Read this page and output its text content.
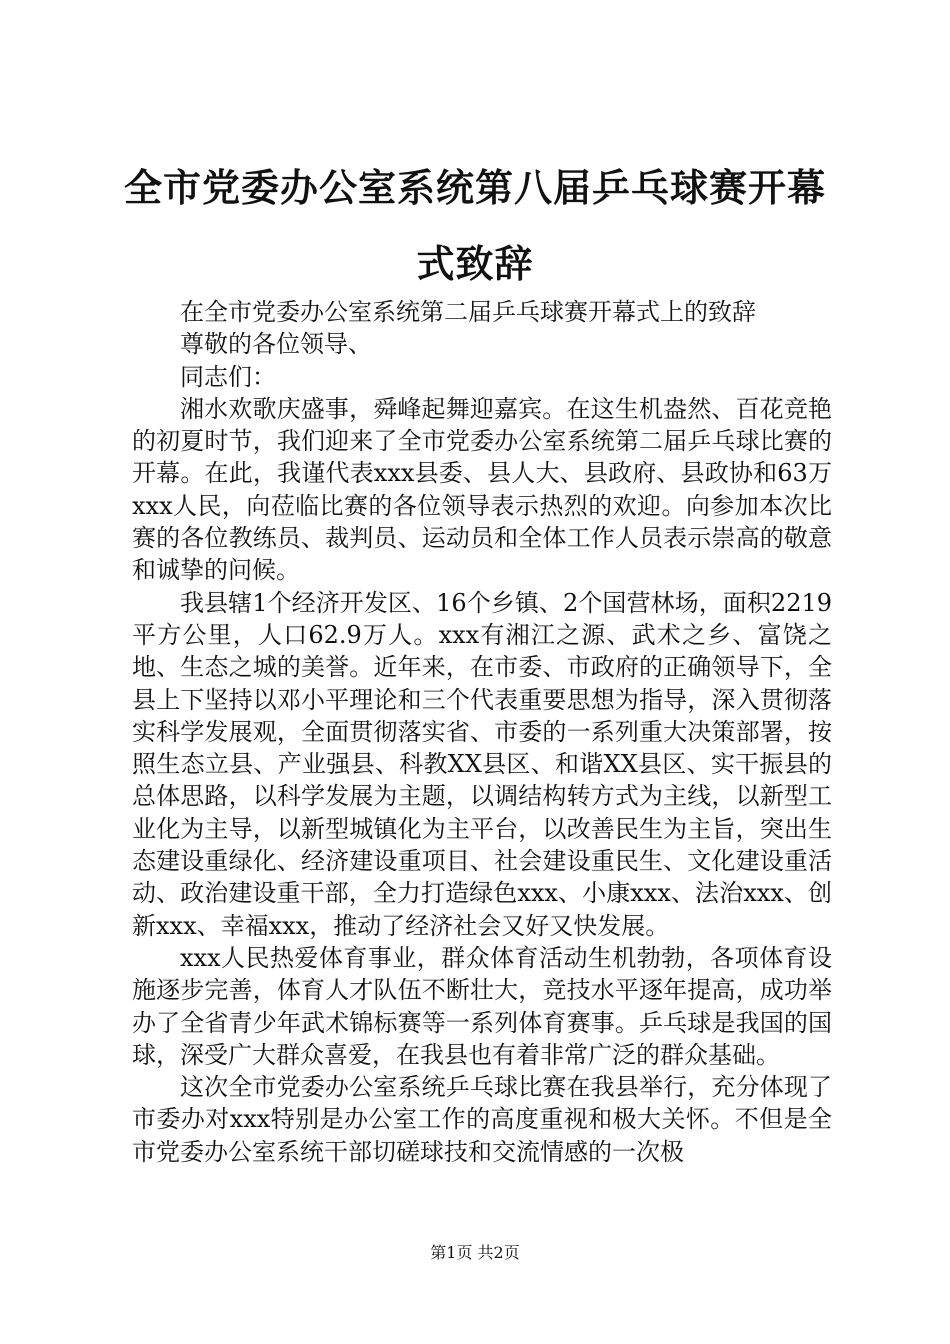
全市党委办公室系统第八届乒乓球赛开幕式致辞

在全市党委办公室系统第二届乒乓球赛开幕式上的致辞

尊敬的各位领导、

同志们：

湘水欢歌庆盛事，舜峰起舞迎嘉宾。在这生机盎然、百花竞艳的初夏时节，我们迎来了全市党委办公室系统第二届乒乓球比赛的开幕。在此，我谨代表xxx县委、县人大、县政府、县政协和63万xxx人民，向莅临比赛的各位领导表示热烈的欢迎。向参加本次比赛的各位教练员、裁判员、运动员和全体工作人员表示崇高的敬意和诚挚的问候。

我县辖1个经济开发区、16个乡镇、2个国营林场，面积2219平方公里，人口62.9万人。xxx有湘江之源、武术之乡、富饶之地、生态之城的美誉。近年来，在市委、市政府的正确领导下，全县上下坚持以邓小平理论和三个代表重要思想为指导，深入贯彻落实科学发展观，全面贯彻落实省、市委的一系列重大决策部署，按照生态立县、产业强县、科教XX县区、和谐XX县区、实干振县的总体思路，以科学发展为主题，以调结构转方式为主线，以新型工业化为主导，以新型城镇化为主平台，以改善民生为主旨，突出生态建设重绿化、经济建设重项目、社会建设重民生、文化建设重活动、政治建设重干部，全力打造绿色xxx、小康xxx、法治xxx、创新xxx、幸福xxx，推动了经济社会又好又快发展。

xxx人民热爱体育事业，群众体育活动生机勃勃，各项体育设施逐步完善，体育人才队伍不断壮大，竞技水平逐年提高，成功举办了全省青少年武术锦标赛等一系列体育赛事。乒乓球是我国的国球，深受广大群众喜爱，在我县也有着非常广泛的群众基础。

这次全市党委办公室系统乒乓球比赛在我县举行，充分体现了市委办对xxx特别是办公室工作的高度重视和极大关怀。不但是全市党委办公室系统干部切磋球技和交流情感的一次极

第1页 共2页
